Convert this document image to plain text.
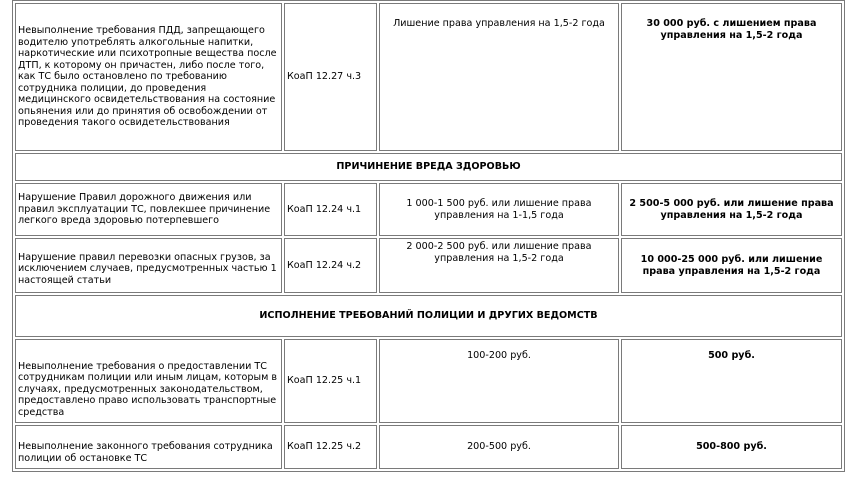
Невыполнение требования ПДД, запрещающего водителю употреблять алкогольные напитки, наркотические или психотропные вещества после ДТП, к которому он причастен, либо после того, как ТС было остановлено по требованию сотрудника полиции, до проведения медицинского освидетельствования на состояние опьянения или до принятия об освобождении от проведения такого освидетельствования	КоаП 12.27 ч.3	Лишение права управления на 1,5-2 года	30 000 руб. с лишением права управления на 1,5-2 года
ПРИЧИНЕНИЕ ВРЕДА ЗДОРОВЬЮ			
Нарушение Правил дорожного движения или правил эксплуатации ТС, повлекшее причинение легкого вреда здоровью потерпевшего	КоаП 12.24 ч.1	1 000-1 500 руб. или лишение права управления на 1-1,5 года	2 500-5 000 руб. или лишение права управления на 1,5-2 года
Нарушение правил перевозки опасных грузов, за исключением случаев, предусмотренных частью 1 настоящей статьи	КоаП 12.24 ч.2	2 000-2 500 руб. или лишение права управления на 1,5-2 года	10 000-25 000 руб. или лишение права управления на 1,5-2 года
ИСПОЛНЕНИЕ ТРЕБОВАНИЙ ПОЛИЦИИ И ДРУГИХ ВЕДОМСТВ			
Невыполнение требования о предоставлении ТС сотрудникам полиции или иным лицам, которым в случаях, предусмотренных законодательством, предоставлено право использовать транспортные средства	КоаП 12.25 ч.1	100-200 руб.	500 руб.
Невыполнение законного требования сотрудника полиции об остановке ТС	КоаП 12.25 ч.2	200-500 руб.	500-800 руб.
